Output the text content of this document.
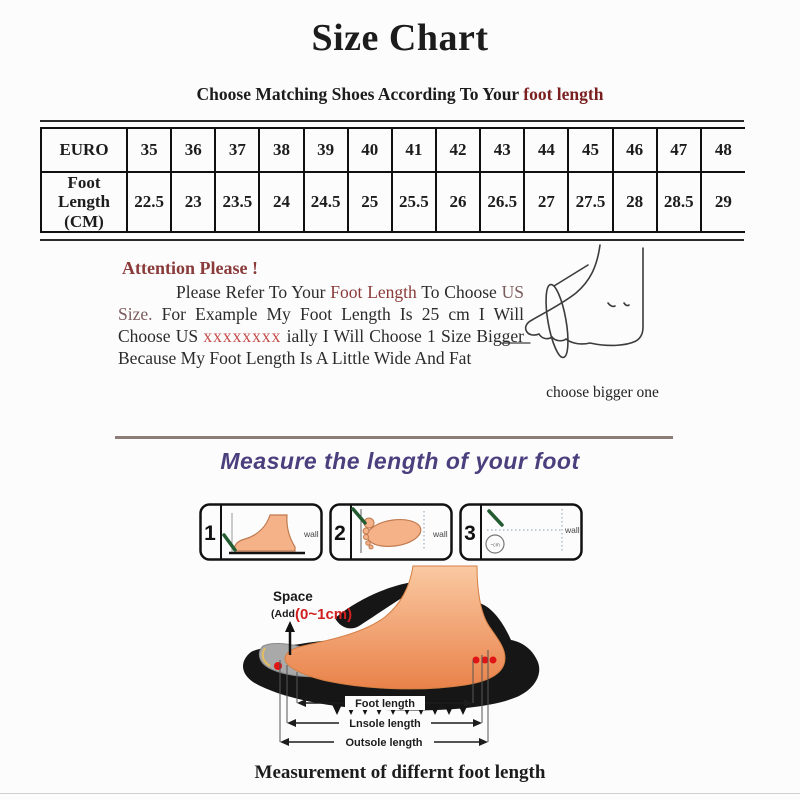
Size Chart
Choose Matching Shoes According To Your foot length
EURO	35	36	37	38	39	40	41	42	43	44	45	46	47	48
Foot Length (CM)	22.5	23	23.5	24	24.5	25	25.5	26	26.5	27	27.5	28	28.5	29
Attention Please !
Please Refer To Your Foot Length To Choose US Size. For Example My Foot Length Is 25 cm I Will Choose US xxxxxxxx ially I Will Choose 1 Size Bigger Because My Foot Length Is A Little Wide And Fat
choose bigger one
Measure the length of your foot
1	wall 2	wall 3
~cm
wall
Space
(Add (0~1cm)
Foot length
Lnsole length
Outsole length
Measurement of differnt foot length
